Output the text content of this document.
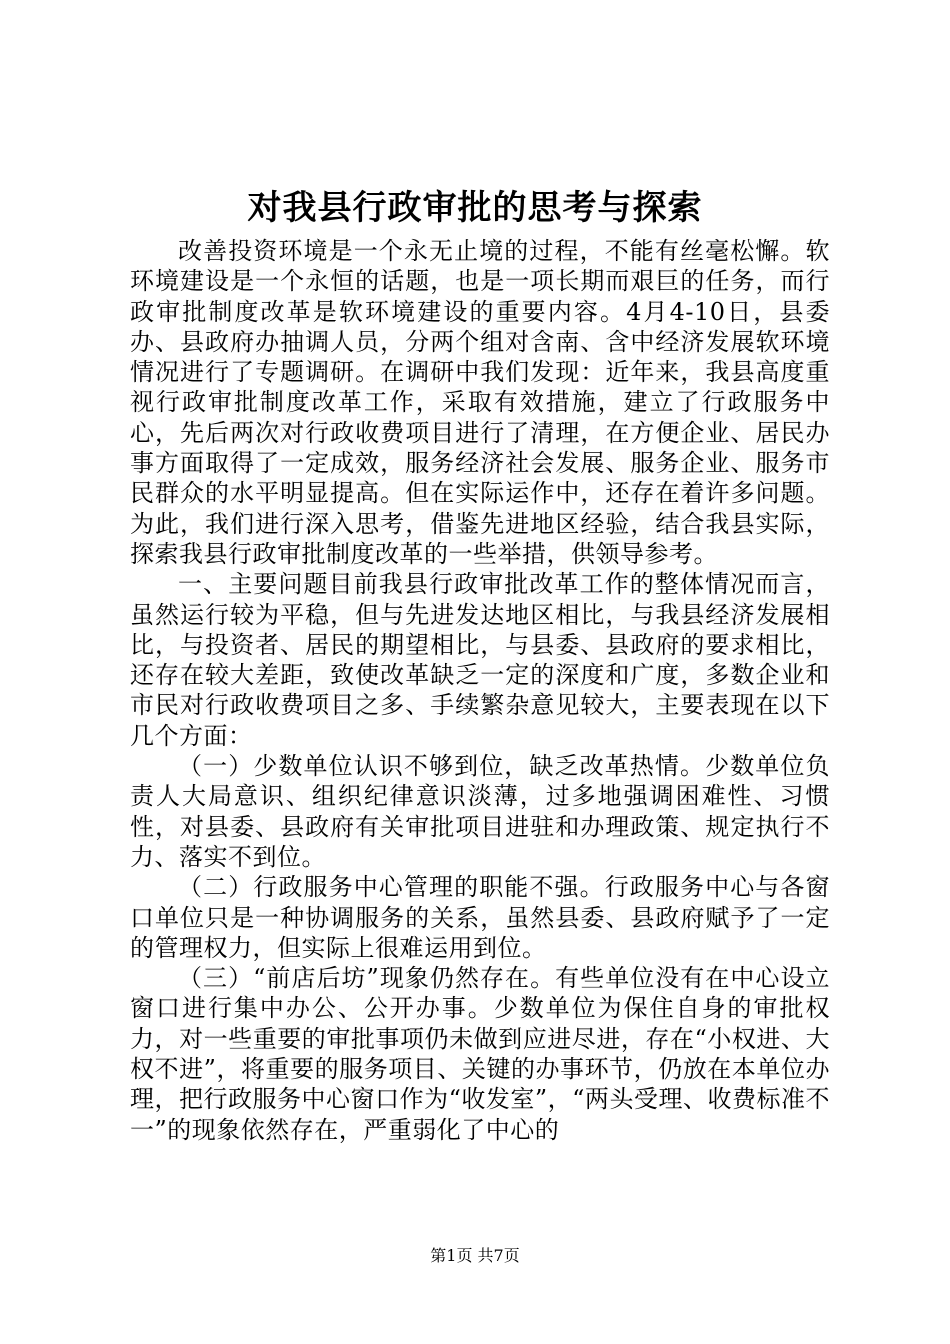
对我县行政审批的思考与探索

改善投资环境是一个永无止境的过程，不能有丝毫松懈。软环境建设是一个永恒的话题，也是一项长期而艰巨的任务，而行政审批制度改革是软环境建设的重要内容。4月4-10日，县委办、县政府办抽调人员，分两个组对含南、含中经济发展软环境情况进行了专题调研。在调研中我们发现：近年来，我县高度重视行政审批制度改革工作，采取有效措施，建立了行政服务中心，先后两次对行政收费项目进行了清理，在方便企业、居民办事方面取得了一定成效，服务经济社会发展、服务企业、服务市民群众的水平明显提高。但在实际运作中，还存在着许多问题。为此，我们进行深入思考，借鉴先进地区经验，结合我县实际，探索我县行政审批制度改革的一些举措，供领导参考。

一、主要问题目前我县行政审批改革工作的整体情况而言，虽然运行较为平稳，但与先进发达地区相比，与我县经济发展相比，与投资者、居民的期望相比，与县委、县政府的要求相比，还存在较大差距，致使改革缺乏一定的深度和广度，多数企业和市民对行政收费项目之多、手续繁杂意见较大，主要表现在以下几个方面：

（一）少数单位认识不够到位，缺乏改革热情。少数单位负责人大局意识、组织纪律意识淡薄，过多地强调困难性、习惯性，对县委、县政府有关审批项目进驻和办理政策、规定执行不力、落实不到位。

（二）行政服务中心管理的职能不强。行政服务中心与各窗口单位只是一种协调服务的关系，虽然县委、县政府赋予了一定的管理权力，但实际上很难运用到位。

（三）“前店后坊”现象仍然存在。有些单位没有在中心设立窗口进行集中办公、公开办事。少数单位为保住自身的审批权力，对一些重要的审批事项仍未做到应进尽进，存在“小权进、大权不进”，将重要的服务项目、关键的办事环节，仍放在本单位办理，把行政服务中心窗口作为“收发室”，“两头受理、收费标准不一”的现象依然存在，严重弱化了中心的

第1页 共7页
